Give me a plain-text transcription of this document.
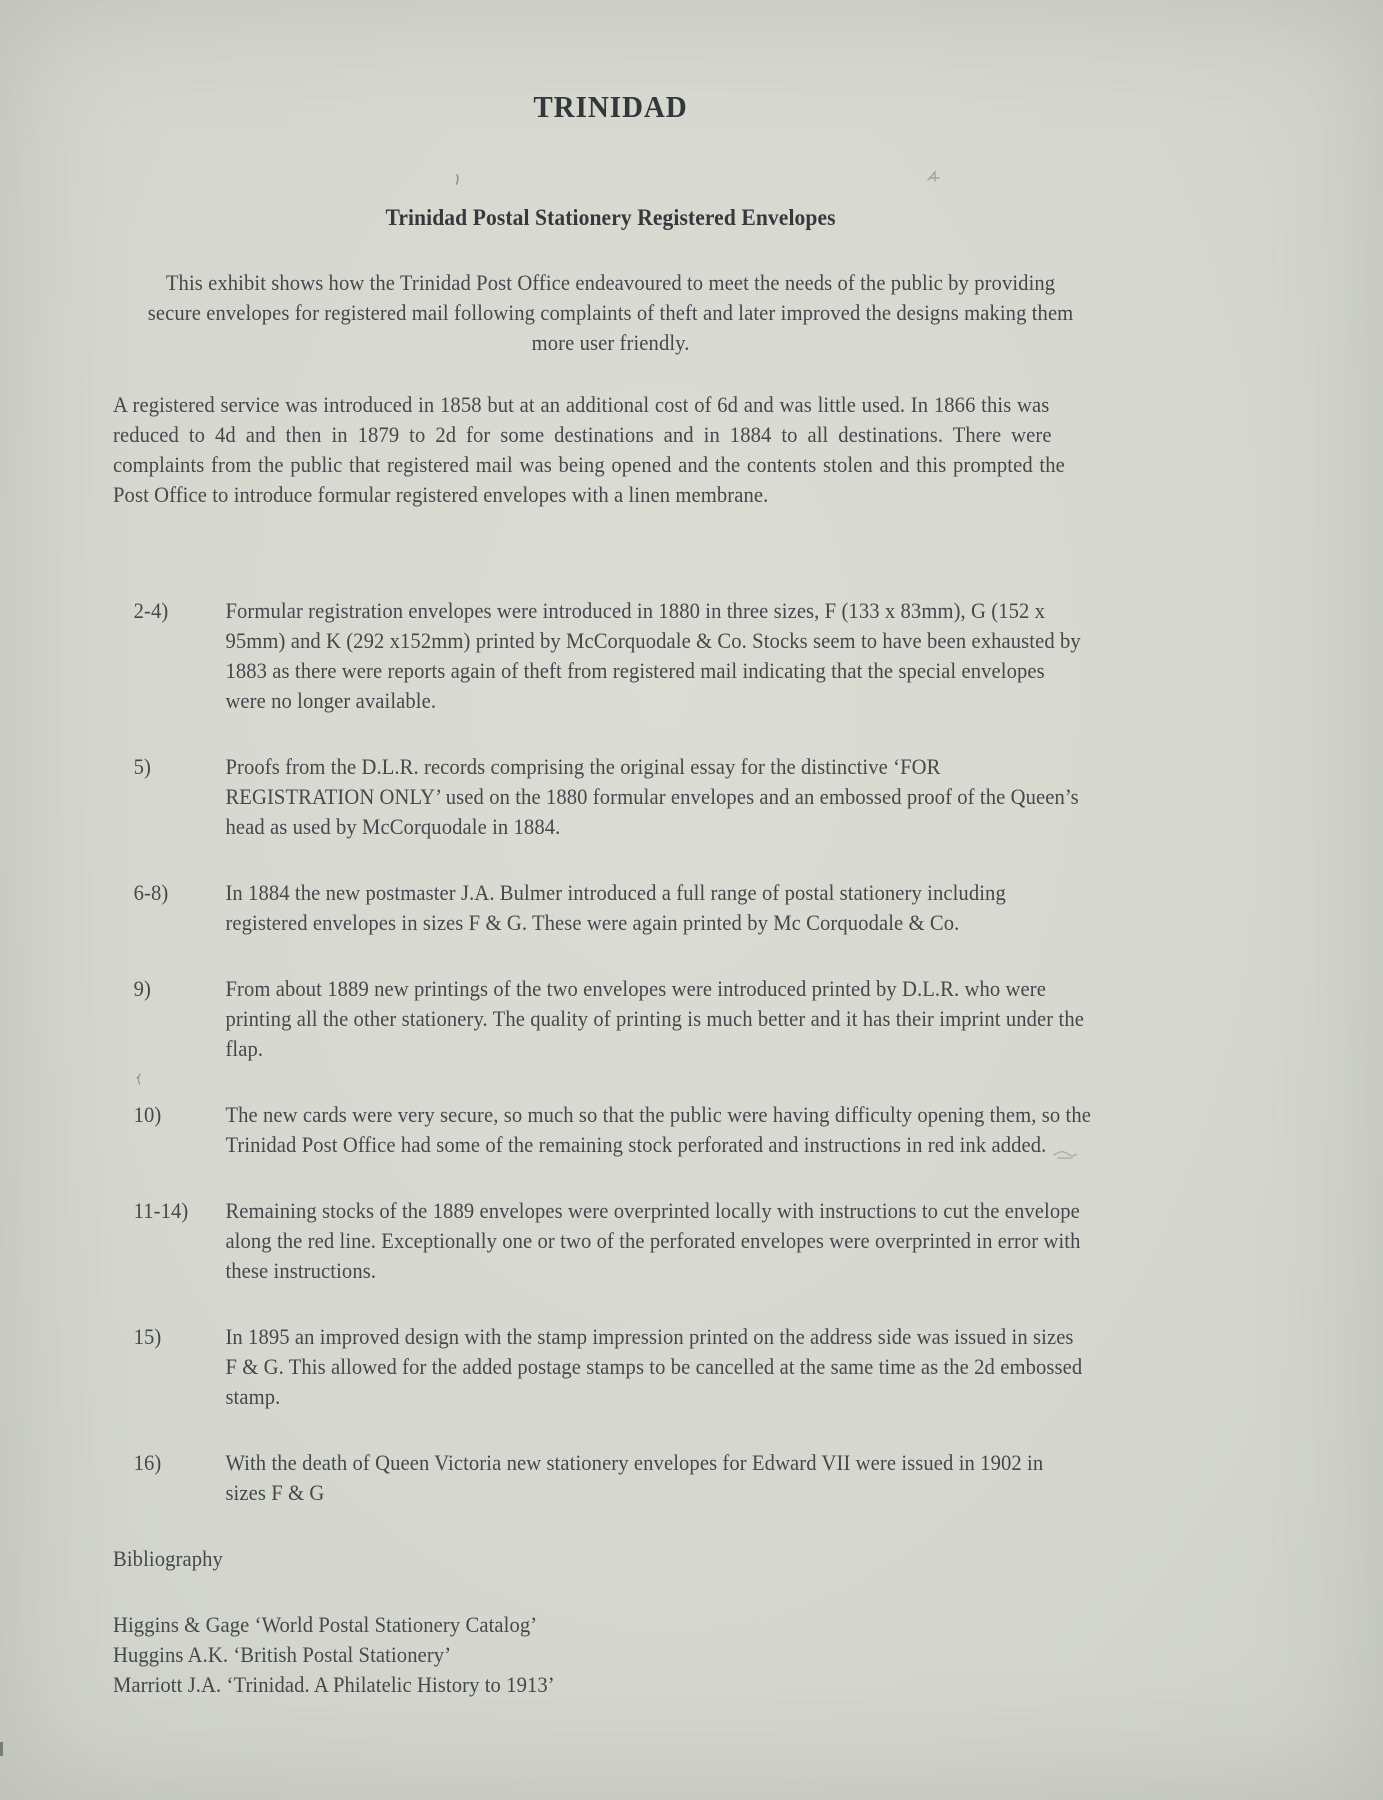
TRINIDAD
Trinidad Postal Stationery Registered Envelopes
This exhibit shows how the Trinidad Post Office endeavoured to meet the needs of the public by providing
secure envelopes for registered mail following complaints of theft and later improved the designs making them
more user friendly.
A registered service was introduced in 1858 but at an additional cost of 6d and was little used. In 1866 this was
reduced to 4d and then in 1879 to 2d for some destinations and in 1884 to all destinations. There were
complaints from the public that registered mail was being opened and the contents stolen and this prompted the
Post Office to introduce formular registered envelopes with a linen membrane.
2-4)	Formular registration envelopes were introduced in 1880 in three sizes, F (133 x 83mm), G (152 x
95mm) and K (292 x152mm) printed by McCorquodale & Co. Stocks seem to have been exhausted by
1883 as there were reports again of theft from registered mail indicating that the special envelopes
were no longer available.
5)	Proofs from the D.L.R. records comprising the original essay for the distinctive ‘FOR
REGISTRATION ONLY’ used on the 1880 formular envelopes and an embossed proof of the Queen’s
head as used by McCorquodale in 1884.
6-8)	In 1884 the new postmaster J.A. Bulmer introduced a full range of postal stationery including
registered envelopes in sizes F & G. These were again printed by Mc Corquodale & Co.
9)	From about 1889 new printings of the two envelopes were introduced printed by D.L.R. who were
printing all the other stationery. The quality of printing is much better and it has their imprint under the
flap.
10)	The new cards were very secure, so much so that the public were having difficulty opening them, so the
Trinidad Post Office had some of the remaining stock perforated and instructions in red ink added.
11-14)	Remaining stocks of the 1889 envelopes were overprinted locally with instructions to cut the envelope
along the red line. Exceptionally one or two of the perforated envelopes were overprinted in error with
these instructions.
15)	In 1895 an improved design with the stamp impression printed on the address side was issued in sizes
F & G. This allowed for the added postage stamps to be cancelled at the same time as the 2d embossed
stamp.
16)	With the death of Queen Victoria new stationery envelopes for Edward VII were issued in 1902 in
sizes F & G
Bibliography
Higgins & Gage ‘World Postal Stationery Catalog’
Huggins A.K. ‘British Postal Stationery’
Marriott J.A. ‘Trinidad. A Philatelic History to 1913’
